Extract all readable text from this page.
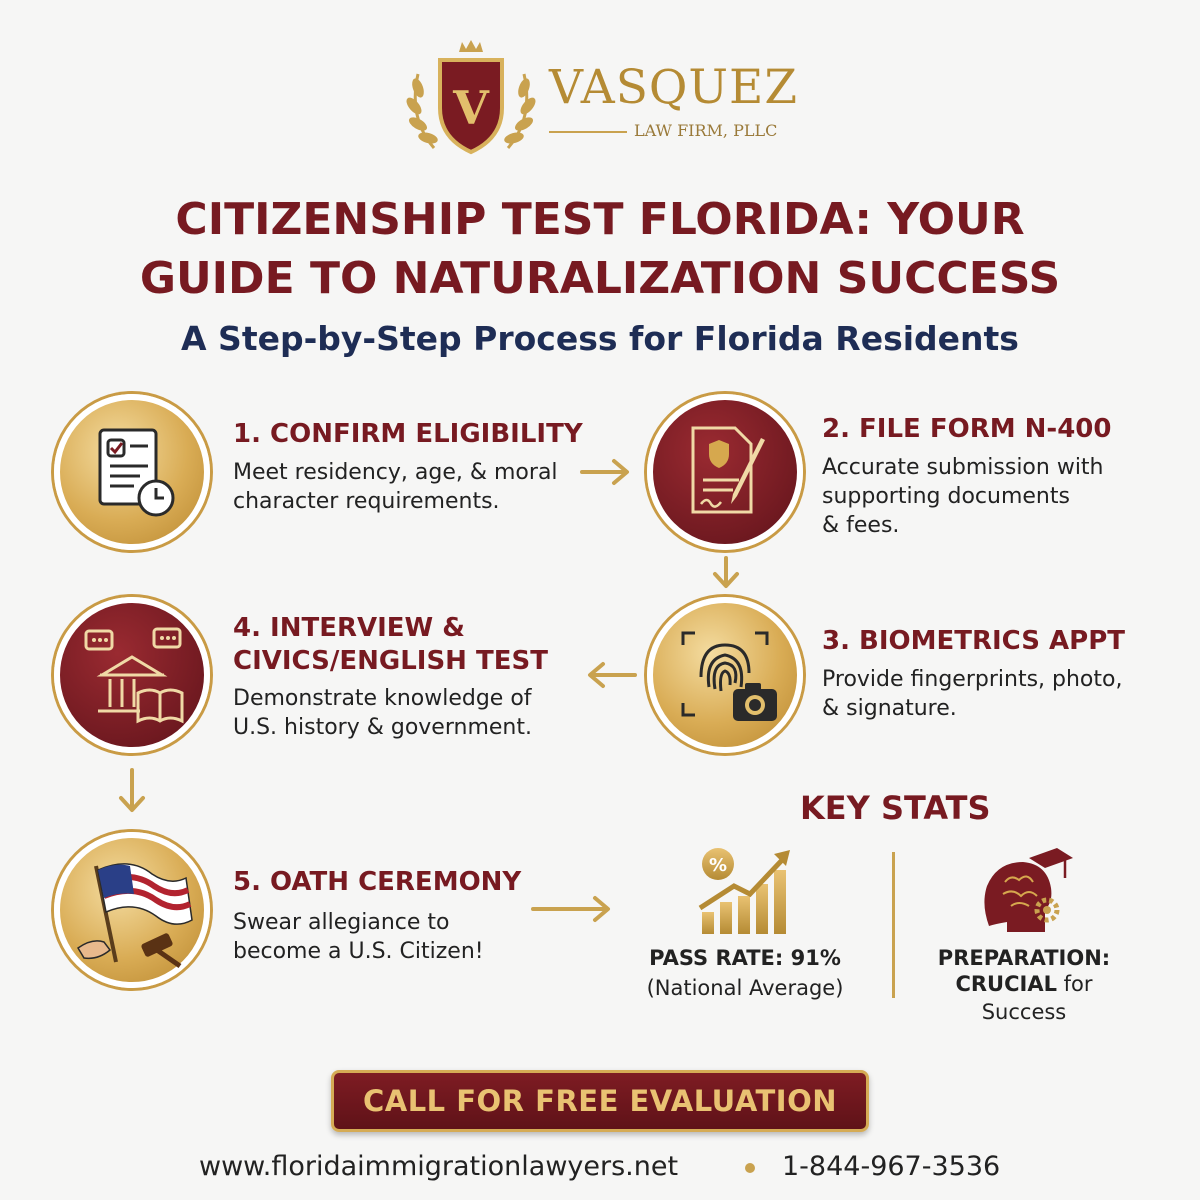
V VASQUEZ
LAW FIRM, PLLC
CITIZENSHIP TEST FLORIDA: YOUR
GUIDE TO NATURALIZATION SUCCESS
A Step-by-Step Process for Florida Residents
1. CONFIRM ELIGIBILITY
Meet residency, age, & moral
character requirements.
2. FILE FORM N-400
Accurate submission with
supporting documents
& fees.
3. BIOMETRICS APPT
Provide fingerprints, photo,
& signature.
4. INTERVIEW &
CIVICS/ENGLISH TEST
Demonstrate knowledge of
U.S. history & government.
5. OATH CEREMONY
Swear allegiance to
become a U.S. Citizen!
KEY STATS
%
PASS RATE: 91%
(National Average)
PREPARATION:
CRUCIAL for
Success
CALL FOR FREE EVALUATION
www.floridaimmigrationlawyers.net	1-844-967-3536
